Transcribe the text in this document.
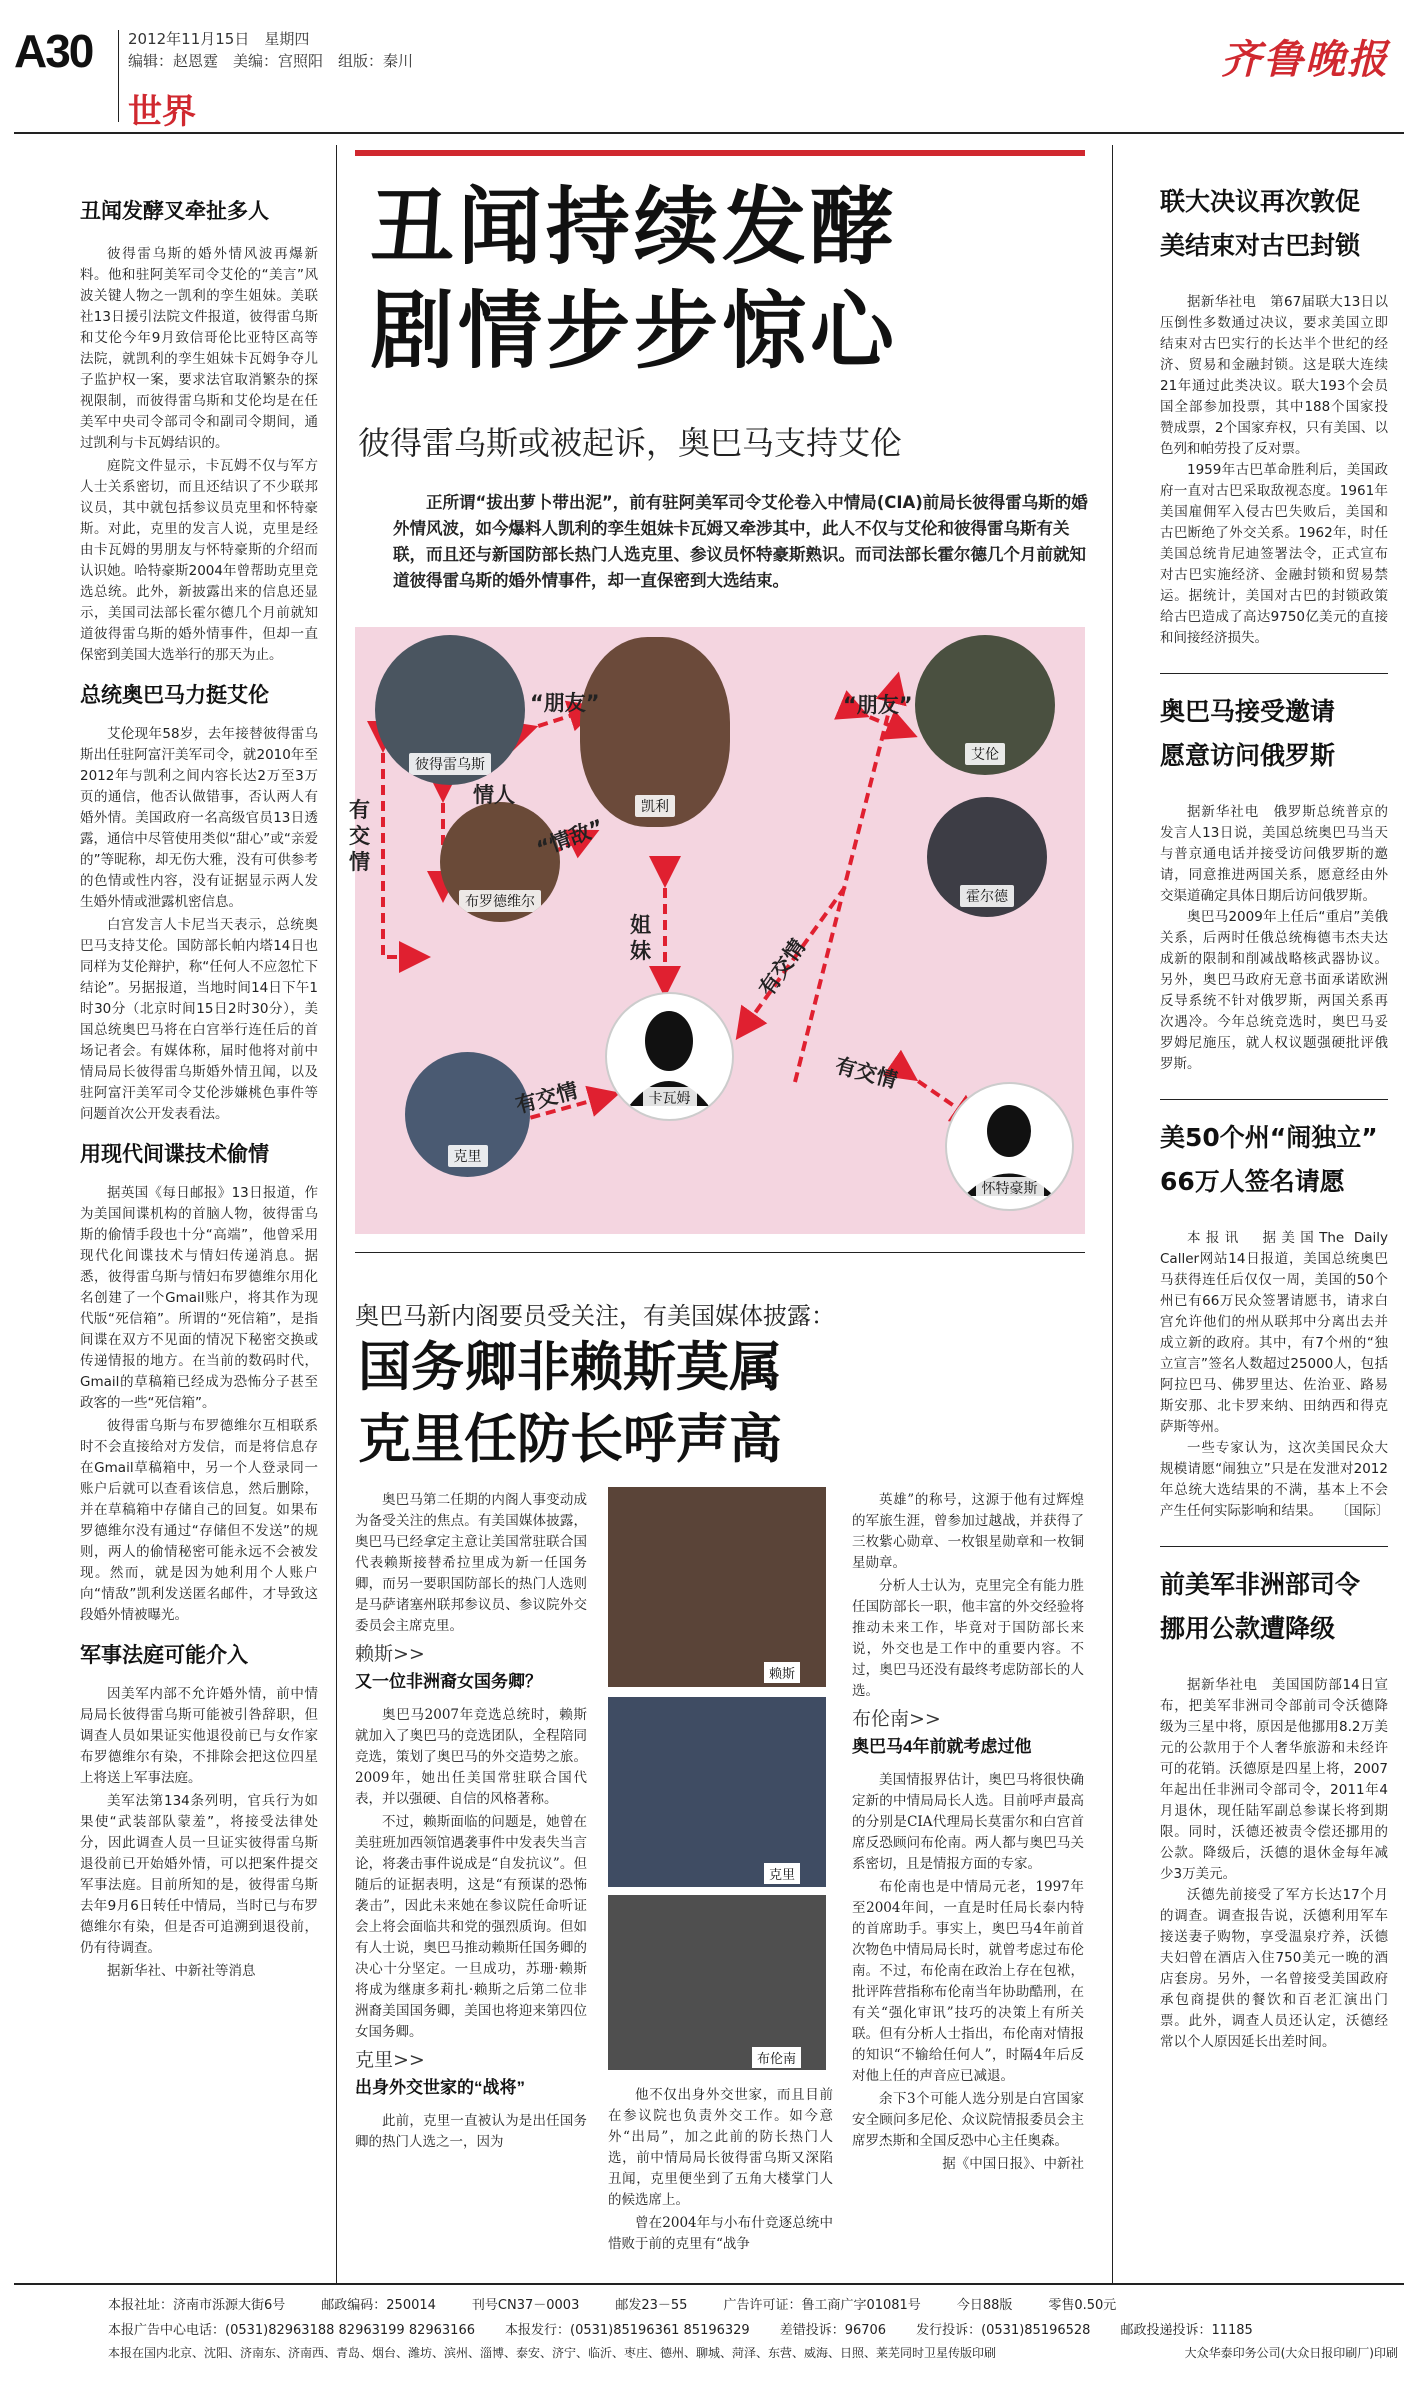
A30 2012年11月15日　星期四
编辑：赵恩霆　美编：宫照阳　组版：秦川
世界
齐鲁晚报
丑闻发酵叉牵扯多人

彼得雷乌斯的婚外情风波再爆新料。他和驻阿美军司令艾伦的“美言”风波关键人物之一凯利的孪生姐妹。美联社13日援引法院文件报道，彼得雷乌斯和艾伦今年9月致信哥伦比亚特区高等法院，就凯利的孪生姐妹卡瓦姆争夺儿子监护权一案，要求法官取消繁杂的探视限制，而彼得雷乌斯和艾伦均是在任美军中央司令部司令和副司令期间，通过凯利与卡瓦姆结识的。

庭院文件显示，卡瓦姆不仅与军方人士关系密切，而且还结识了不少联邦议员，其中就包括参议员克里和怀特豪斯。对此，克里的发言人说，克里是经由卡瓦姆的男朋友与怀特豪斯的介绍而认识她。哈特豪斯2004年曾帮助克里竞选总统。此外，新披露出来的信息还显示，美国司法部长霍尔德几个月前就知道彼得雷乌斯的婚外情事件，但却一直保密到美国大选举行的那天为止。

总统奥巴马力挺艾伦

艾伦现年58岁，去年接替彼得雷乌斯出任驻阿富汗美军司令，就2010年至2012年与凯利之间内容长达2万至3万页的通信，他否认做错事，否认两人有婚外情。美国政府一名高级官员13日透露，通信中尽管使用类似“甜心”或“亲爱的”等昵称，却无伤大雅，没有可供参考的色情或性内容，没有证据显示两人发生婚外情或泄露机密信息。

白宫发言人卡尼当天表示，总统奥巴马支持艾伦。国防部长帕内塔14日也同样为艾伦辩护，称“任何人不应忽忙下结论”。另据报道，当地时间14日下午1时30分（北京时间15日2时30分），美国总统奥巴马将在白宫举行连任后的首场记者会。有媒体称，届时他将对前中情局局长彼得雷乌斯婚外情丑闻，以及驻阿富汗美军司令艾伦涉嫌桃色事件等问题首次公开发表看法。

用现代间谍技术偷情

据英国《每日邮报》13日报道，作为美国间谍机构的首脑人物，彼得雷乌斯的偷情手段也十分“高端”，他曾采用现代化间谍技术与情妇传递消息。据悉，彼得雷乌斯与情妇布罗德维尔用化名创建了一个Gmail账户，将其作为现代版“死信箱”。所谓的“死信箱”，是指间谍在双方不见面的情况下秘密交换或传递情报的地方。在当前的数码时代，Gmail的草稿箱已经成为恐怖分子甚至政客的一些“死信箱”。

彼得雷乌斯与布罗德维尔互相联系时不会直接给对方发信，而是将信息存在Gmail草稿箱中，另一个人登录同一账户后就可以查看该信息，然后删除，并在草稿箱中存储自己的回复。如果布罗德维尔没有通过“存储但不发送”的规则，两人的偷情秘密可能永远不会被发现。然而，就是因为她利用个人账户向“情敌”凯利发送匿名邮件，才导致这段婚外情被曝光。

军事法庭可能介入

因美军内部不允许婚外情，前中情局局长彼得雷乌斯可能被引咎辞职，但调查人员如果证实他退役前已与女作家布罗德维尔有染，不排除会把这位四星上将送上军事法庭。

美军法第134条列明，官兵行为如果使“武装部队蒙羞”，将接受法律处分，因此调查人员一旦证实彼得雷乌斯退役前已开始婚外情，可以把案件提交军事法庭。目前所知的是，彼得雷乌斯去年9月6日转任中情局，当时已与布罗德维尔有染，但是否可追溯到退役前，仍有待调查。

据新华社、中新社等消息

丑闻持续发酵
剧情步步惊心
彼得雷乌斯或被起诉，奥巴马支持艾伦
正所谓“拔出萝卜带出泥”，前有驻阿美军司令艾伦卷入中情局(CIA)前局长彼得雷乌斯的婚外情风波，如今爆料人凯利的孪生姐妹卡瓦姆又牵涉其中，此人不仅与艾伦和彼得雷乌斯有关联，而且还与新国防部长热门人选克里、参议员怀特豪斯熟识。而司法部长霍尔德几个月前就知道彼得雷乌斯的婚外情事件，却一直保密到大选结束。
彼得雷乌斯
凯利
艾伦
布罗德维尔	霍尔德
卡瓦姆
克里
怀特豪斯
“朋友”	“朋友”
情人
“情敌”
有交情
姐妹	有交情
有交情
有交情
奥巴马新内阁要员受关注，有美国媒体披露：
国务卿非赖斯莫属
克里任防长呼声高

奥巴马第二任期的内阁人事变动成为备受关注的焦点。有美国媒体披露，奥巴马已经拿定主意让美国常驻联合国代表赖斯接替希拉里成为新一任国务卿，而另一要职国防部长的热门人选则是马萨诸塞州联邦参议员、参议院外交委员会主席克里。

赖斯>>
又一位非洲裔女国务卿？

奥巴马2007年竞选总统时，赖斯就加入了奥巴马的竞选团队，全程陪同竞选，策划了奥巴马的外交造势之旅。2009年，她出任美国常驻联合国代表，并以强硬、自信的风格著称。

不过，赖斯面临的问题是，她曾在美驻班加西领馆遇袭事件中发表失当言论，将袭击事件说成是“自发抗议”。但随后的证据表明，这是“有预谋的恐怖袭击”，因此未来她在参议院任命听证会上将会面临共和党的强烈质询。但如有人士说，奥巴马推动赖斯任国务卿的决心十分坚定。一旦成功，苏珊·赖斯将成为继康多莉扎·赖斯之后第二位非洲裔美国国务卿，美国也将迎来第四位女国务卿。

克里>>
出身外交世家的“战将”

此前，克里一直被认为是出任国务卿的热门人选之一，因为

赖斯
克里
布伦南

他不仅出身外交世家，而且目前在参议院也负责外交工作。如今意外“出局”，加之此前的防长热门人选，前中情局局长彼得雷乌斯又深陷丑闻，克里便坐到了五角大楼掌门人的候选席上。

曾在2004年与小布什竞逐总统中惜败于前的克里有“战争

英雄”的称号，这源于他有过辉煌的军旅生涯，曾参加过越战，并获得了三枚紫心勋章、一枚银星勋章和一枚铜星勋章。

分析人士认为，克里完全有能力胜任国防部长一职，他丰富的外交经验将推动未来工作，毕竟对于国防部长来说，外交也是工作中的重要内容。不过，奥巴马还没有最终考虑防部长的人选。

布伦南>>
奥巴马4年前就考虑过他

美国情报界估计，奥巴马将很快确定新的中情局局长人选。目前呼声最高的分别是CIA代理局长莫雷尔和白宫首席反恐顾问布伦南。两人都与奥巴马关系密切，且是情报方面的专家。

布伦南也是中情局元老，1997年至2004年间，一直是时任局长泰内特的首席助手。事实上，奥巴马4年前首次物色中情局局长时，就曾考虑过布伦南。不过，布伦南在政治上存在包袱，批评阵营指称布伦南当年协助酷刑，在有关“强化审讯”技巧的决策上有所关联。但有分析人士指出，布伦南对情报的知识“不输给任何人”，时隔4年后反对他上任的声音应已减退。

余下3个可能人选分别是白宫国家安全顾问多尼伦、众议院情报委员会主席罗杰斯和全国反恐中心主任奥森。

据《中国日报》、中新社

联大决议再次敦促
美结束对古巴封锁

据新华社电　第67届联大13日以压倒性多数通过决议，要求美国立即结束对古巴实行的长达半个世纪的经济、贸易和金融封锁。这是联大连续21年通过此类决议。联大193个会员国全部参加投票，其中188个国家投赞成票，2个国家弃权，只有美国、以色列和帕劳投了反对票。

1959年古巴革命胜利后，美国政府一直对古巴采取敌视态度。1961年美国雇佣军入侵古巴失败后，美国和古巴断绝了外交关系。1962年，时任美国总统肯尼迪签署法令，正式宣布对古巴实施经济、金融封锁和贸易禁运。据统计，美国对古巴的封锁政策给古巴造成了高达9750亿美元的直接和间接经济损失。

奥巴马接受邀请
愿意访问俄罗斯

据新华社电　俄罗斯总统普京的发言人13日说，美国总统奥巴马当天与普京通电话并接受访问俄罗斯的邀请，同意推进两国关系，愿意经由外交渠道确定具体日期后访问俄罗斯。

奥巴马2009年上任后“重启”美俄关系，后两时任俄总统梅德韦杰夫达成新的限制和削减战略核武器协议。另外，奥巴马政府无意书面承诺欧洲反导系统不针对俄罗斯，两国关系再次遇冷。今年总统竞选时，奥巴马妥罗姆尼施压，就人权议题强硬批评俄罗斯。

美50个州“闹独立”
66万人签名请愿

本报讯　据美国The Daily Caller网站14日报道，美国总统奥巴马获得连任后仅仅一周，美国的50个州已有66万民众签署请愿书，请求白宫允许他们的州从联邦中分离出去并成立新的政府。其中，有7个州的“独立宣言”签名人数超过25000人，包括阿拉巴马、佛罗里达、佐治亚、路易斯安那、北卡罗来纳、田纳西和得克萨斯等州。

一些专家认为，这次美国民众大规模请愿“闹独立”只是在发泄对2012年总统大选结果的不满，基本上不会产生任何实际影响和结果。　　〔国际〕

前美军非洲部司令
挪用公款遭降级

据新华社电　美国国防部14日宣布，把美军非洲司令部前司令沃德降级为三星中将，原因是他挪用8.2万美元的公款用于个人奢华旅游和未经许可的花销。沃德原是四星上将，2007年起出任非洲司令部司令，2011年4月退休，现任陆军副总参谋长将到期限。同时，沃德还被责令偿还挪用的公款。降级后，沃德的退休金每年减少3万美元。

沃德先前接受了军方长达17个月的调查。调查报告说，沃德利用军车接送妻子购物，享受温泉疗养，沃德夫妇曾在酒店入住750美元一晚的酒店套房。另外，一名曾接受美国政府承包商提供的餐饮和百老汇演出门票。此外，调查人员还认定，沃德经常以个人原因延长出差时间。

本报社址：济南市泺源大街6号	邮政编码：250014	刊号CN37－0003	邮发23－55	广告许可证：鲁工商广字01081号	今日88版	零售0.50元
本报广告中心电话：(0531)82963188 82963199 82963166 本报发行：(0531)85196361 85196329 差错投诉：96706 发行投诉：(0531)85196528 邮政投递投诉：11185
本报在国内北京、沈阳、济南东、济南西、青岛、烟台、潍坊、滨州、淄博、泰安、济宁、临沂、枣庄、德州、聊城、菏泽、东营、威海、日照、莱芜同时卫星传版印刷	大众华泰印务公司(大众日报印刷厂)印刷
